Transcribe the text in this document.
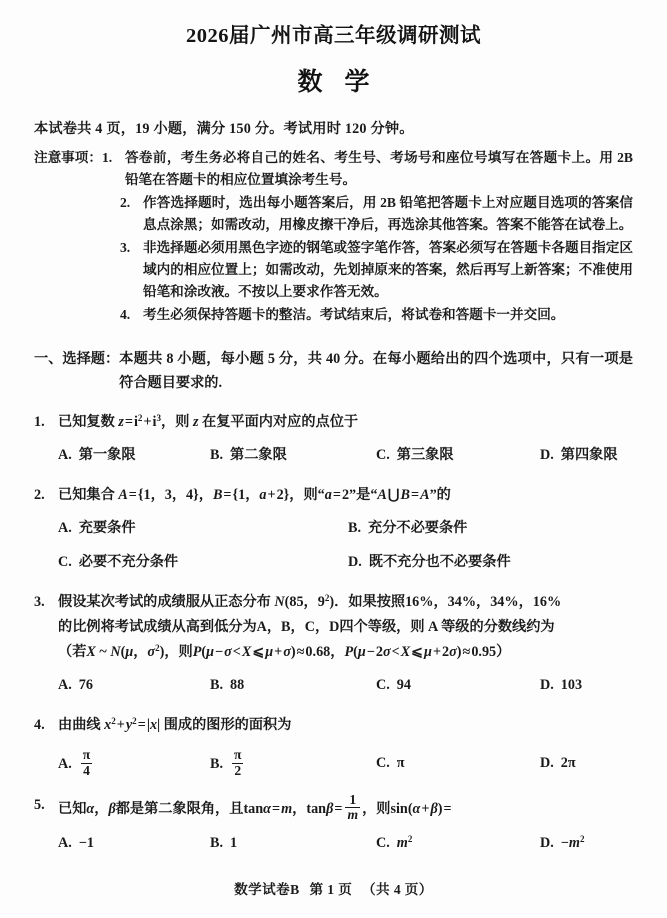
2026届广州市高三年级调研测试
数学
本试卷共 4 页，19 小题，满分 150 分。考试用时 120 分钟。
注意事项： 1. 答卷前，考生务必将自己的姓名、考生号、考场号和座位号填写在答题卡上。用 2B 铅笔在答题卡的相应位置填涂考生号。
2. 作答选择题时，选出每小题答案后，用 2B 铅笔把答题卡上对应题目选项的答案信息点涂黑；如需改动，用橡皮擦干净后，再选涂其他答案。答案不能答在试卷上。
3. 非选择题必须用黑色字迹的钢笔或签字笔作答，答案必须写在答题卡各题目指定区域内的相应位置上；如需改动，先划掉原来的答案，然后再写上新答案；不准使用铅笔和涂改液。不按以上要求作答无效。
4. 考生必须保持答题卡的整洁。考试结束后，将试卷和答题卡一并交回。
一、选择题： 本题共 8 小题，每小题 5 分，共 40 分。在每小题给出的四个选项中，只有一项是符合题目要求的.
1. 已知复数 $z=i^2+i^3$，则 z 在复平面内对应的点位于
A. 第一象限	B. 第二象限	C. 第三象限	D. 第四象限
2. 已知集合 A={1，3，4}，B={1，a+2}，则“a=2”是“A⋃B=A”的
A. 充要条件	B. 充分不必要条件
C. 必要不充分条件	D. 既不充分也不必要条件
3. 假设某次考试的成绩服从正态分布 N(85，$9^2$)．如果按照16%，34%，34%，16%
的比例将考试成绩从高到低分为A，B，C，D四个等级，则 A 等级的分数线约为
（若X ~ N(μ，$\sigma^2$)，则P(μ−σ<X⩽μ+σ)≈0.68，P(μ−2σ<X⩽μ+2σ)≈0.95）
A. 76	B. 88	C. 94	D. 103
4. 由曲线 $x^2+y^2=|x|$ 围成的图形的面积为
A. $\frac{\pi}{4}$	B. $\frac{\pi}{2}$	C. π	D. 2π
5. 已知α，β都是第二象限角，且tanα=m，$\tan\beta= \frac{1}{m}$ ，则sin(α+β)=
A. −1	B. 1	C. $m^2$	D. $-m^2$
数学试卷B 第 1 页 （共 4 页）
